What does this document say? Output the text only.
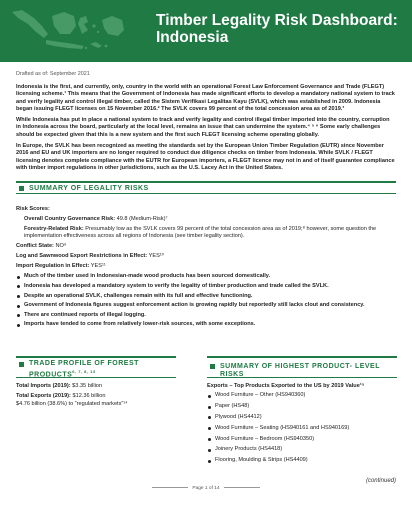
Timber Legality Risk Dashboard: Indonesia
Drafted as of: September 2021

Indonesia is the first, and currently, only, country in the world with an operational Forest Law Enforcement Governance and Trade (FLEGT) licensing scheme.¹ This means that the Government of Indonesia has made significant efforts to develop a mandatory national system to track and verify legality and control illegal timber, called the Sistem Verifikasi Legalitas Kayu (SVLK), which was established in 2009. Indonesia began issuing FLEGT licenses on 15 November 2016.² The SVLK covers 99 percent of the total concession area as of 2019.³

While Indonesia has put in place a national system to track and verify legality and control illegal timber imported into the country, corruption in Indonesia across the board, particularly at the local level, remains an issue that can undermine the system.⁴ ⁵ ⁶ Some early challenges should be expected given that this is a new system and the first such FLEGT licensing scheme operating globally.

In Europe, the SVLK has been recognized as meeting the standards set by the European Union Timber Regulation (EUTR) since November 2016 and EU and UK importers are no longer required to conduct due diligence checks on timber from Indonesia. While SVLK / FLEGT licensing denotes complete compliance with the EUTR for European importers, a FLEGT licence may not in and of itself guarantee compliance with timber import regulations in other jurisdictions, such as the U.S. Lacey Act in the United States.

SUMMARY OF LEGALITY RISKS
Risk Scores:
Overall Country Governance Risk: 49.8 (Medium-Risk)⁷
Forestry-Related Risk: Presumably low as the SVLK covers 99 percent of the total concession area as of 2019;⁸ however, some question the implementation effectiveness across all regions of Indonesia (see timber legality section).
Conflict State: NO⁹
Log and Sawnwood Export Restrictions in Effect: YES¹⁰
Import Regulation in Effect: YES¹¹
Much of the timber used in Indonesian-made wood products has been sourced domestically.
Indonesia has developed a mandatory system to verify the legality of timber production and trade called the SVLK.
Despite an operational SVLK, challenges remain with its full and effective functioning.
Government of Indonesia figures suggest enforcement action is growing rapidly but reportedly still lacks clout and consistency.
There are continued reports of illegal logging.
Imports have tended to come from relatively lower-risk sources, with some exceptions.
TRADE PROFILE OF FOREST
PRODUCTS$^{6, 7, 8, 13}$
SUMMARY OF HIGHEST PRODUCT- LEVEL RISKS
Total Imports (2019): $3.35 billion
Total Exports (2019): $12.36 billion
$4.76 billion (38.6%) to “regulated markets”¹⁴
Exports – Top Products Exported to the US by 2019 Value¹⁵
Wood Furniture – Other (HS940360)
Paper (HS48)
Plywood (HS4412)
Wood Furniture – Seating (HS940161 and HS940169)
Wood Furniture – Bedroom (HS940350)
Joinery Products (HS4418)
Flooring, Moulding & Strips (HS4409)
(continued)
Page 1 of 14
